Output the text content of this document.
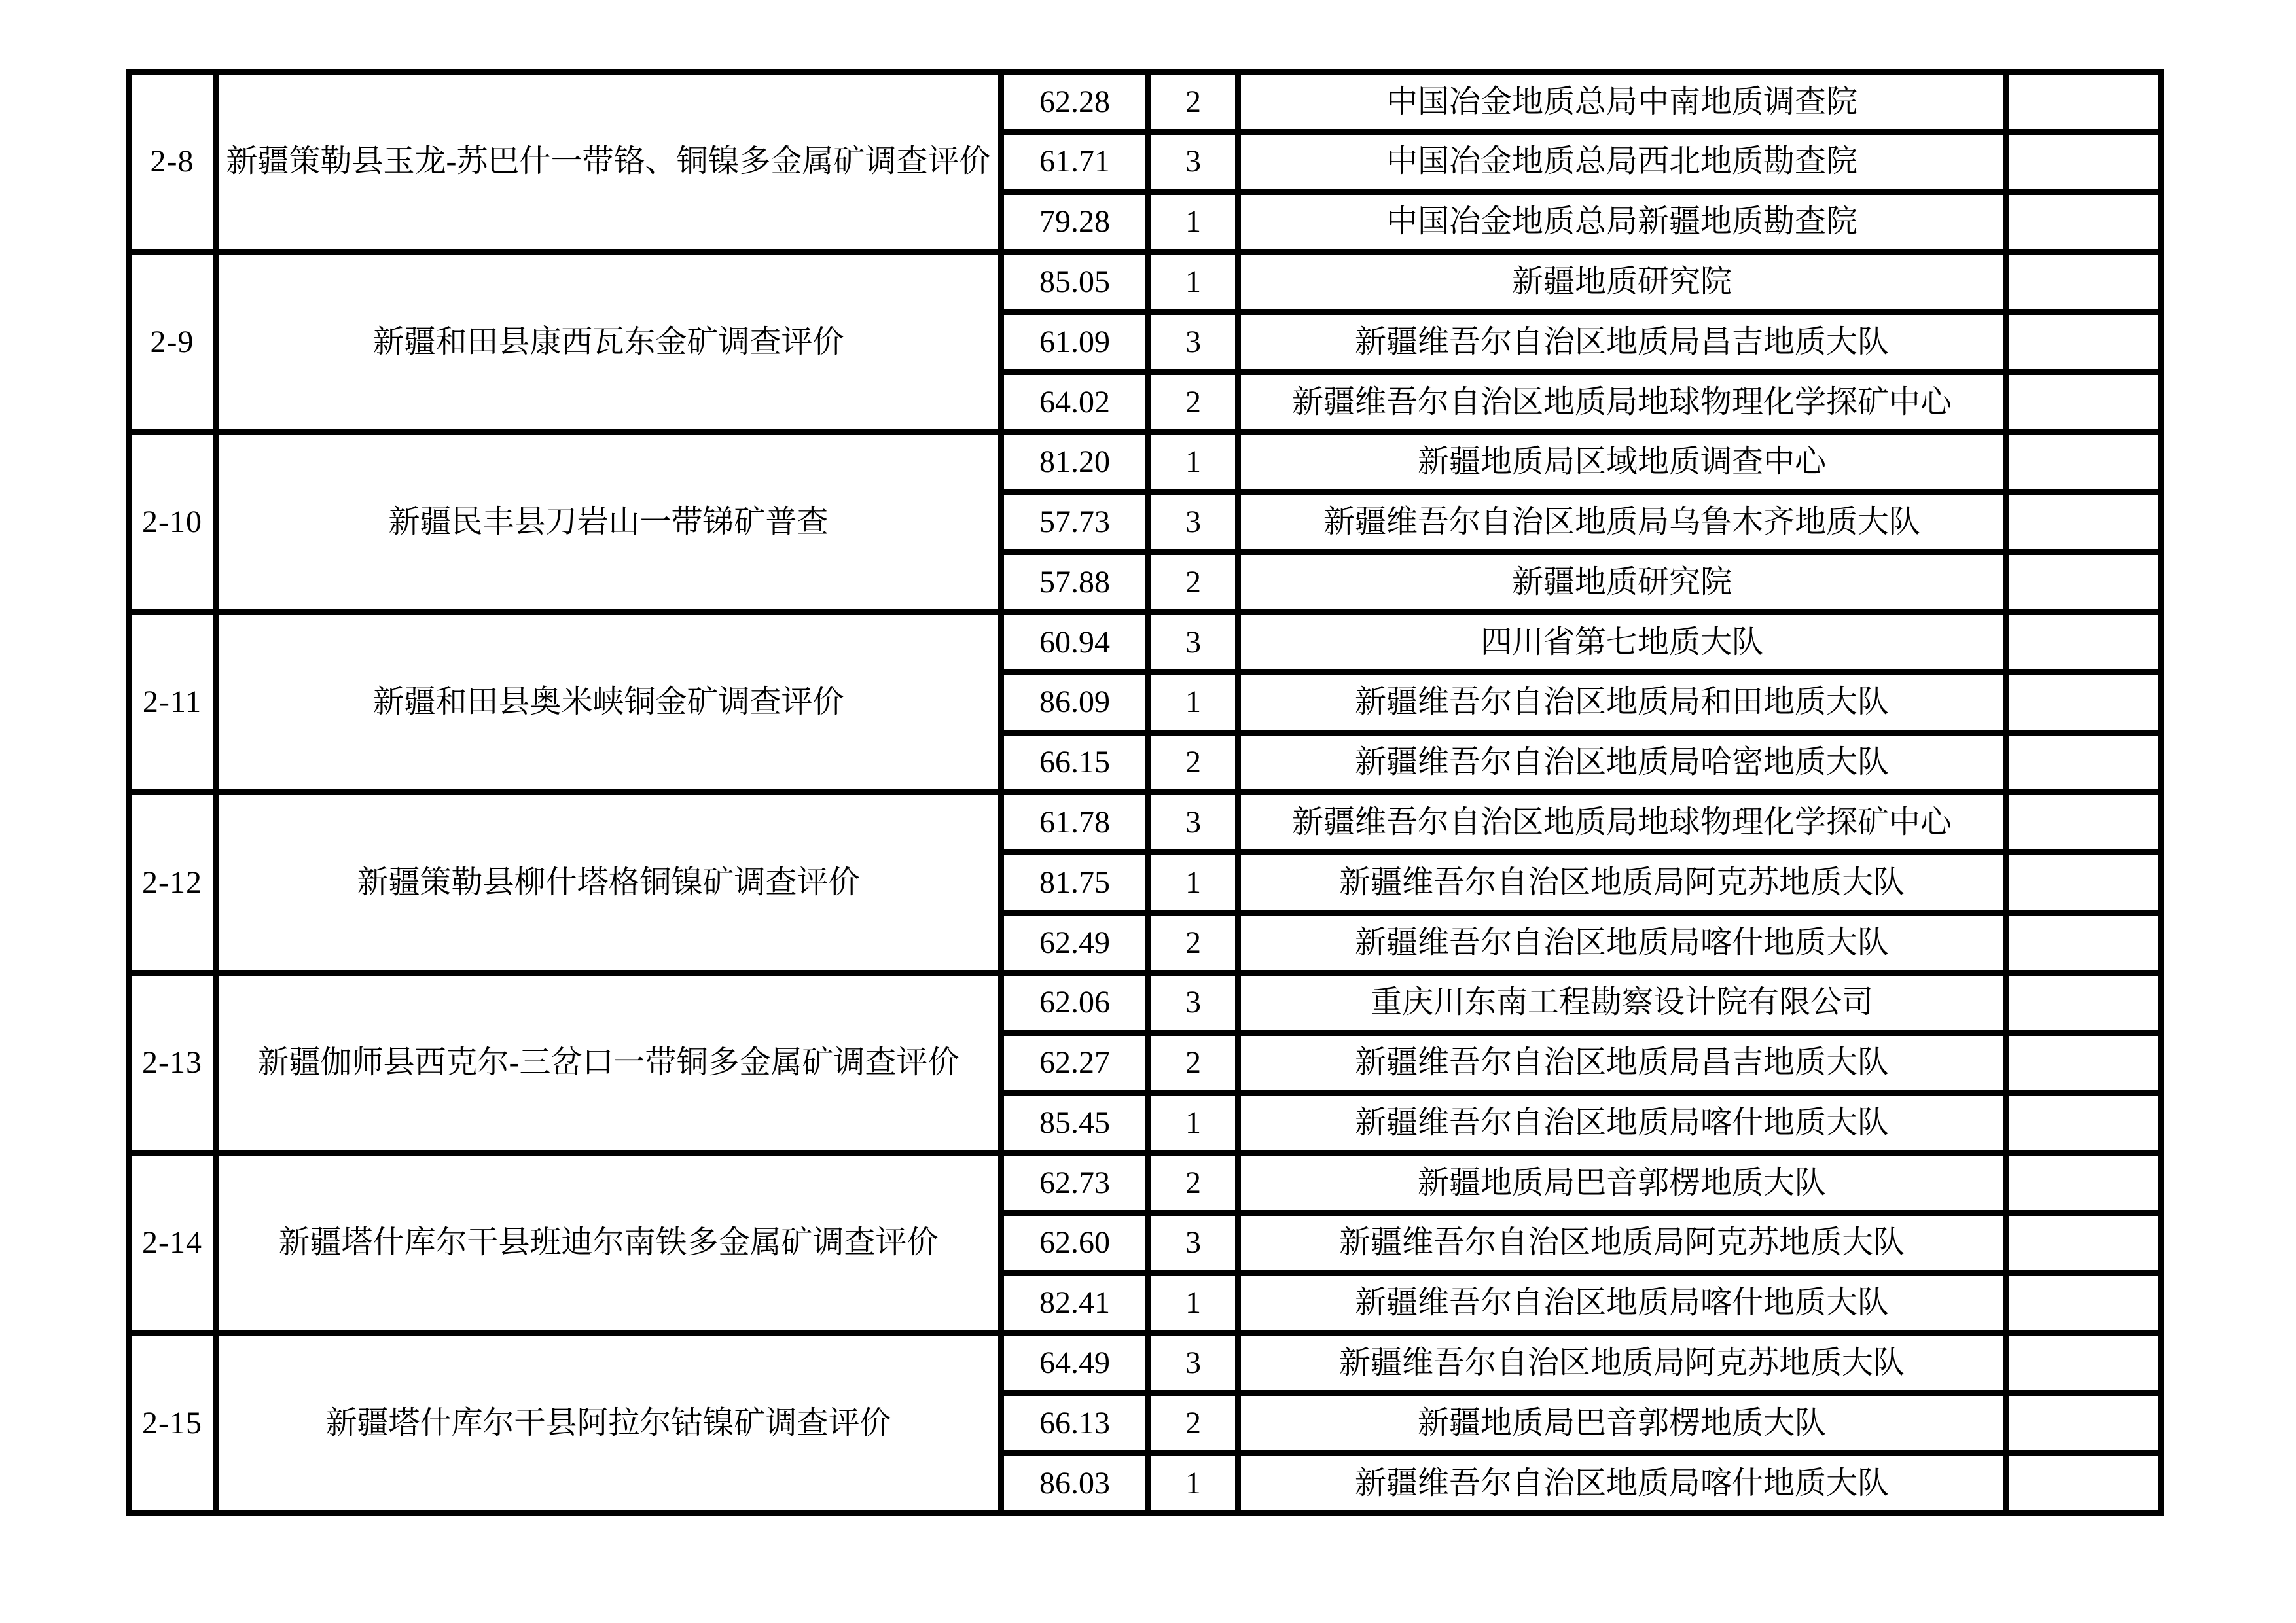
2-8	新疆策勒县玉龙-苏巴什一带铬、铜镍多金属矿调查评价	62.28	2	中国冶金地质总局中南地质调查院	
		61.71	3	中国冶金地质总局西北地质勘查院	
		79.28	1	中国冶金地质总局新疆地质勘查院	
2-9	新疆和田县康西瓦东金矿调查评价	85.05	1	新疆地质研究院	
		61.09	3	新疆维吾尔自治区地质局昌吉地质大队	
		64.02	2	新疆维吾尔自治区地质局地球物理化学探矿中心	
2-10	新疆民丰县刀岩山一带锑矿普查	81.20	1	新疆地质局区域地质调查中心	
		57.73	3	新疆维吾尔自治区地质局乌鲁木齐地质大队	
		57.88	2	新疆地质研究院	
2-11	新疆和田县奥米峡铜金矿调查评价	60.94	3	四川省第七地质大队	
		86.09	1	新疆维吾尔自治区地质局和田地质大队	
		66.15	2	新疆维吾尔自治区地质局哈密地质大队	
2-12	新疆策勒县柳什塔格铜镍矿调查评价	61.78	3	新疆维吾尔自治区地质局地球物理化学探矿中心	
		81.75	1	新疆维吾尔自治区地质局阿克苏地质大队	
		62.49	2	新疆维吾尔自治区地质局喀什地质大队	
2-13	新疆伽师县西克尔-三岔口一带铜多金属矿调查评价	62.06	3	重庆川东南工程勘察设计院有限公司	
		62.27	2	新疆维吾尔自治区地质局昌吉地质大队	
		85.45	1	新疆维吾尔自治区地质局喀什地质大队	
2-14	新疆塔什库尔干县班迪尔南铁多金属矿调查评价	62.73	2	新疆地质局巴音郭楞地质大队	
		62.60	3	新疆维吾尔自治区地质局阿克苏地质大队	
		82.41	1	新疆维吾尔自治区地质局喀什地质大队	
2-15	新疆塔什库尔干县阿拉尔钴镍矿调查评价	64.49	3	新疆维吾尔自治区地质局阿克苏地质大队	
		66.13	2	新疆地质局巴音郭楞地质大队	
		86.03	1	新疆维吾尔自治区地质局喀什地质大队	
